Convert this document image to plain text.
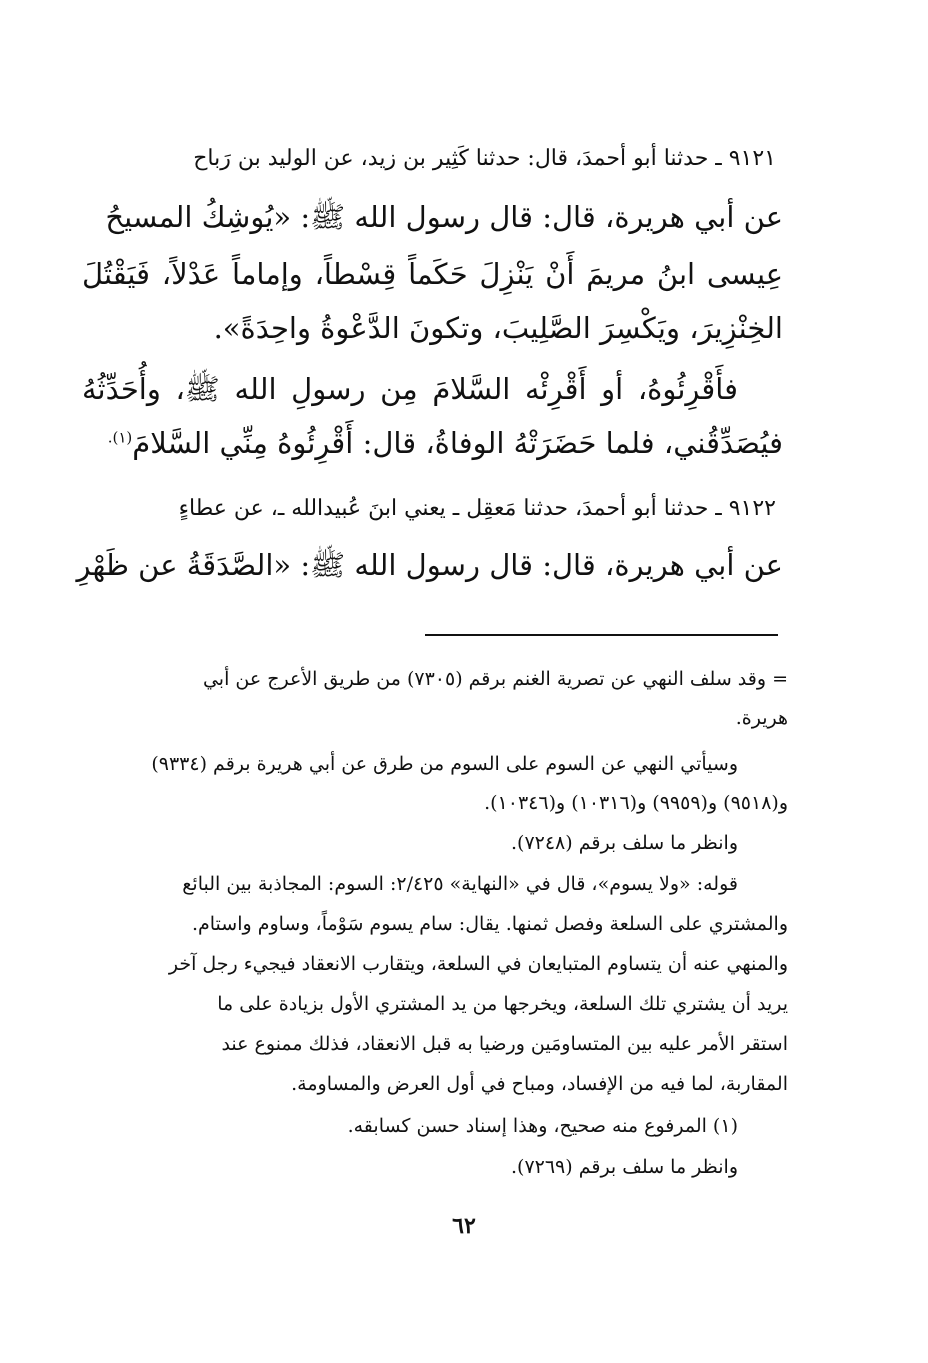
٩١٢١ ـ حدثنا أبو أحمدَ، قال: حدثنا كَثِير بن زيد، عن الوليد بن رَباح
عن أبي هريرة، قال: قال رسول الله ﷺ: «يُوشِكُ المسيحُ
عِيسى ابنُ مريمَ أَنْ يَنْزِلَ حَكَماً قِسْطاً، وإماماً عَدْلاً، فَيَقْتُلَ
الخِنْزِيرَ، ويَكْسِرَ الصَّلِيبَ، وتكونَ الدَّعْوةُ واحِدَةً».
فأَقْرِئُوهُ، أو أَقْرِئْه السَّلامَ مِن رسولِ الله ﷺ، وأُحَدِّثُهُ
فيُصَدِّقُني، فلما حَضَرَتْهُ الوفاةُ، قال: أَقْرِئُوهُ مِنِّي السَّلامَ$^{(١).}$
٩١٢٢ ـ حدثنا أبو أحمدَ، حدثنا مَعقِل ـ يعني ابنَ عُبيدالله ـ، عن عطاءٍ
عن أبي هريرة، قال: قال رسول الله ﷺ: «الصَّدَقَةُ عن ظَهْرِ
= وقد سلف النهي عن تصرية الغنم برقم (٧٣٠٥) من طريق الأعرج عن أبي
هريرة.
وسيأتي النهي عن السوم على السوم من طرق عن أبي هريرة برقم (٩٣٣٤)
و(٩٥١٨) و(٩٩٥٩) و(١٠٣١٦) و(١٠٣٤٦).
وانظر ما سلف برقم (٧٢٤٨).
قوله: «ولا يسوم»، قال في «النهاية» ٢/٤٢٥: السوم: المجاذبة بين البائع
والمشتري على السلعة وفصل ثمنها. يقال: سام يسوم سَوْماً، وساوم واستام.
والمنهي عنه أن يتساوم المتبايعان في السلعة، ويتقارب الانعقاد فيجيء رجل آخر
يريد أن يشتري تلك السلعة، ويخرجها من يد المشتري الأول بزيادة على ما
استقر الأمر عليه بين المتساومَين ورضيا به قبل الانعقاد، فذلك ممنوع عند
المقاربة، لما فيه من الإفساد، ومباح في أول العرض والمساومة.
(١) المرفوع منه صحيح، وهذا إسناد حسن كسابقه.
وانظر ما سلف برقم (٧٢٦٩).
٦٢
